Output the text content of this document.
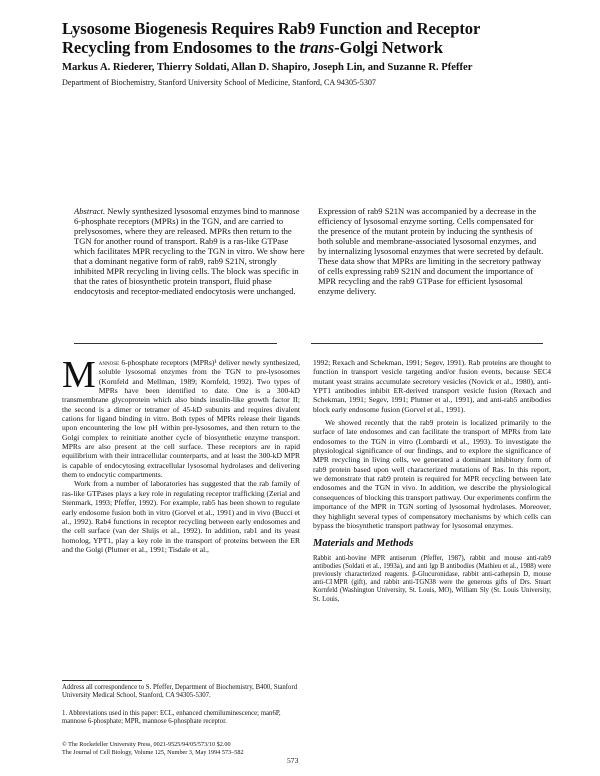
Lysosome Biogenesis Requires Rab9 Function and Receptor
Recycling from Endosomes to the trans-Golgi Network
Markus A. Riederer, Thierry Soldati, Allan D. Shapiro, Joseph Lin, and Suzanne R. Pfeffer
Department of Biochemistry, Stanford University School of Medicine, Stanford, CA 94305-5307
Abstract. Newly synthesized lysosomal enzymes bind to mannose 6-phosphate receptors (MPRs) in the TGN, and are carried to prelysosomes, where they are released. MPRs then return to the TGN for another round of transport. Rab9 is a ras-like GTPase which facilitates MPR recycling to the TGN in vitro. We show here that a dominant negative form of rab9, rab9 S21N, strongly inhibited MPR recycling in living cells. The block was specific in that the rates of biosynthetic protein transport, fluid phase endocytosis and receptor-mediated endocytosis were unchanged.
Expression of rab9 S21N was accompanied by a decrease in the efficiency of lysosomal enzyme sorting. Cells compensated for the presence of the mutant protein by inducing the synthesis of both soluble and membrane-associated lysosomal enzymes, and by internalizing lysosomal enzymes that were secreted by default. These data show that MPRs are limiting in the secretory pathway of cells expressing rab9 S21N and document the importance of MPR recycling and the rab9 GTPase for efficient lysosomal enzyme delivery.

Mannose 6-phosphate receptors (MPRs)¹ deliver newly synthesized, soluble lysosomal enzymes from the TGN to pre-lysosomes (Kornfeld and Mellman, 1989; Kornfeld, 1992). Two types of MPRs have been identified to date. One is a 300-kD transmembrane glycoprotein which also binds insulin-like growth factor II; the second is a dimer or tetramer of 45-kD subunits and requires divalent cations for ligand binding in vitro. Both types of MPRs release their ligands upon encountering the low pH within pre-lysosomes, and then return to the Golgi complex to reinitiate another cycle of biosynthetic enzyme transport. MPRs are also present at the cell surface. These receptors are in rapid equilibrium with their intracellular counterparts, and at least the 300-kD MPR is capable of endocytosing extracellular lysosomal hydrolases and delivering them to endocytic compartments.

Work from a number of laboratories has suggested that the rab family of ras-like GTPases plays a key role in regulating receptor trafficking (Zerial and Stenmark, 1993; Pfeffer, 1992). For example, rab5 has been shown to regulate early endosome fusion both in vitro (Gorvel et al., 1991) and in vivo (Bucci et al., 1992). Rab4 functions in receptor recycling between early endosomes and the cell surface (van der Sluijs et al., 1992). In addition, rab1 and its yeast homolog, YPT1, play a key role in the transport of proteins between the ER and the Golgi (Plutner et al., 1991; Tisdale et al.,

1992; Rexach and Schekman, 1991; Segev, 1991). Rab proteins are thought to function in transport vesicle targeting and/or fusion events, because SEC4 mutant yeast strains accumulate secretory vesicles (Novick et al., 1980), anti-YPT1 antibodies inhibit ER-derived transport vesicle fusion (Rexach and Schekman, 1991; Segev, 1991; Plutner et al., 1991), and anti-rab5 antibodies block early endosome fusion (Gorvel et al., 1991).

We showed recently that the rab9 protein is localized primarily to the surface of late endosomes and can facilitate the transport of MPRs from late endosomes to the TGN in vitro (Lombardi et al., 1993). To investigate the physiological significance of our findings, and to explore the significance of MPR recycling in living cells, we generated a dominant inhibitory form of rab9 protein based upon well characterized mutations of Ras. In this report, we demonstrate that rab9 protein is required for MPR recycling between late endosomes and the TGN in vivo. In addition, we describe the physiological consequences of blocking this transport pathway. Our experiments confirm the importance of the MPR in TGN sorting of lysosomal hydrolases. Moreover, they highlight several types of compensatory mechanisms by which cells can bypass the biosynthetic transport pathway for lysosomal enzymes.

Materials and Methods

Rabbit anti-bovine MPR antiserum (Pfeffer, 1987), rabbit and mouse anti-rab9 antibodies (Soldati et al., 1993a), and anti lgp B antibodies (Mathieu et al., 1988) were previously characterized reagents. β-Glucuronidase, rabbit anti-cathepsin D, mouse anti-CI MPR (gift), and rabbit anti-TGN38 were the generous gifts of Drs. Stuart Kornfeld (Washington University, St. Louis, MO), William Sly (St. Louis University, St. Louis,

Address all correspondence to S. Pfeffer, Department of Biochemistry, B400, Stanford University Medical School, Stanford, CA 94305-5307.
1. Abbreviations used in this paper: ECL, enhanced chemiluminescence; man6P, mannose 6-phosphate; MPR, mannose 6-phosphate receptor.
© The Rockefeller University Press, 0021-9525/94/05/573/10 $2.00
The Journal of Cell Biology, Volume 125, Number 3, May 1994 573–582
573
